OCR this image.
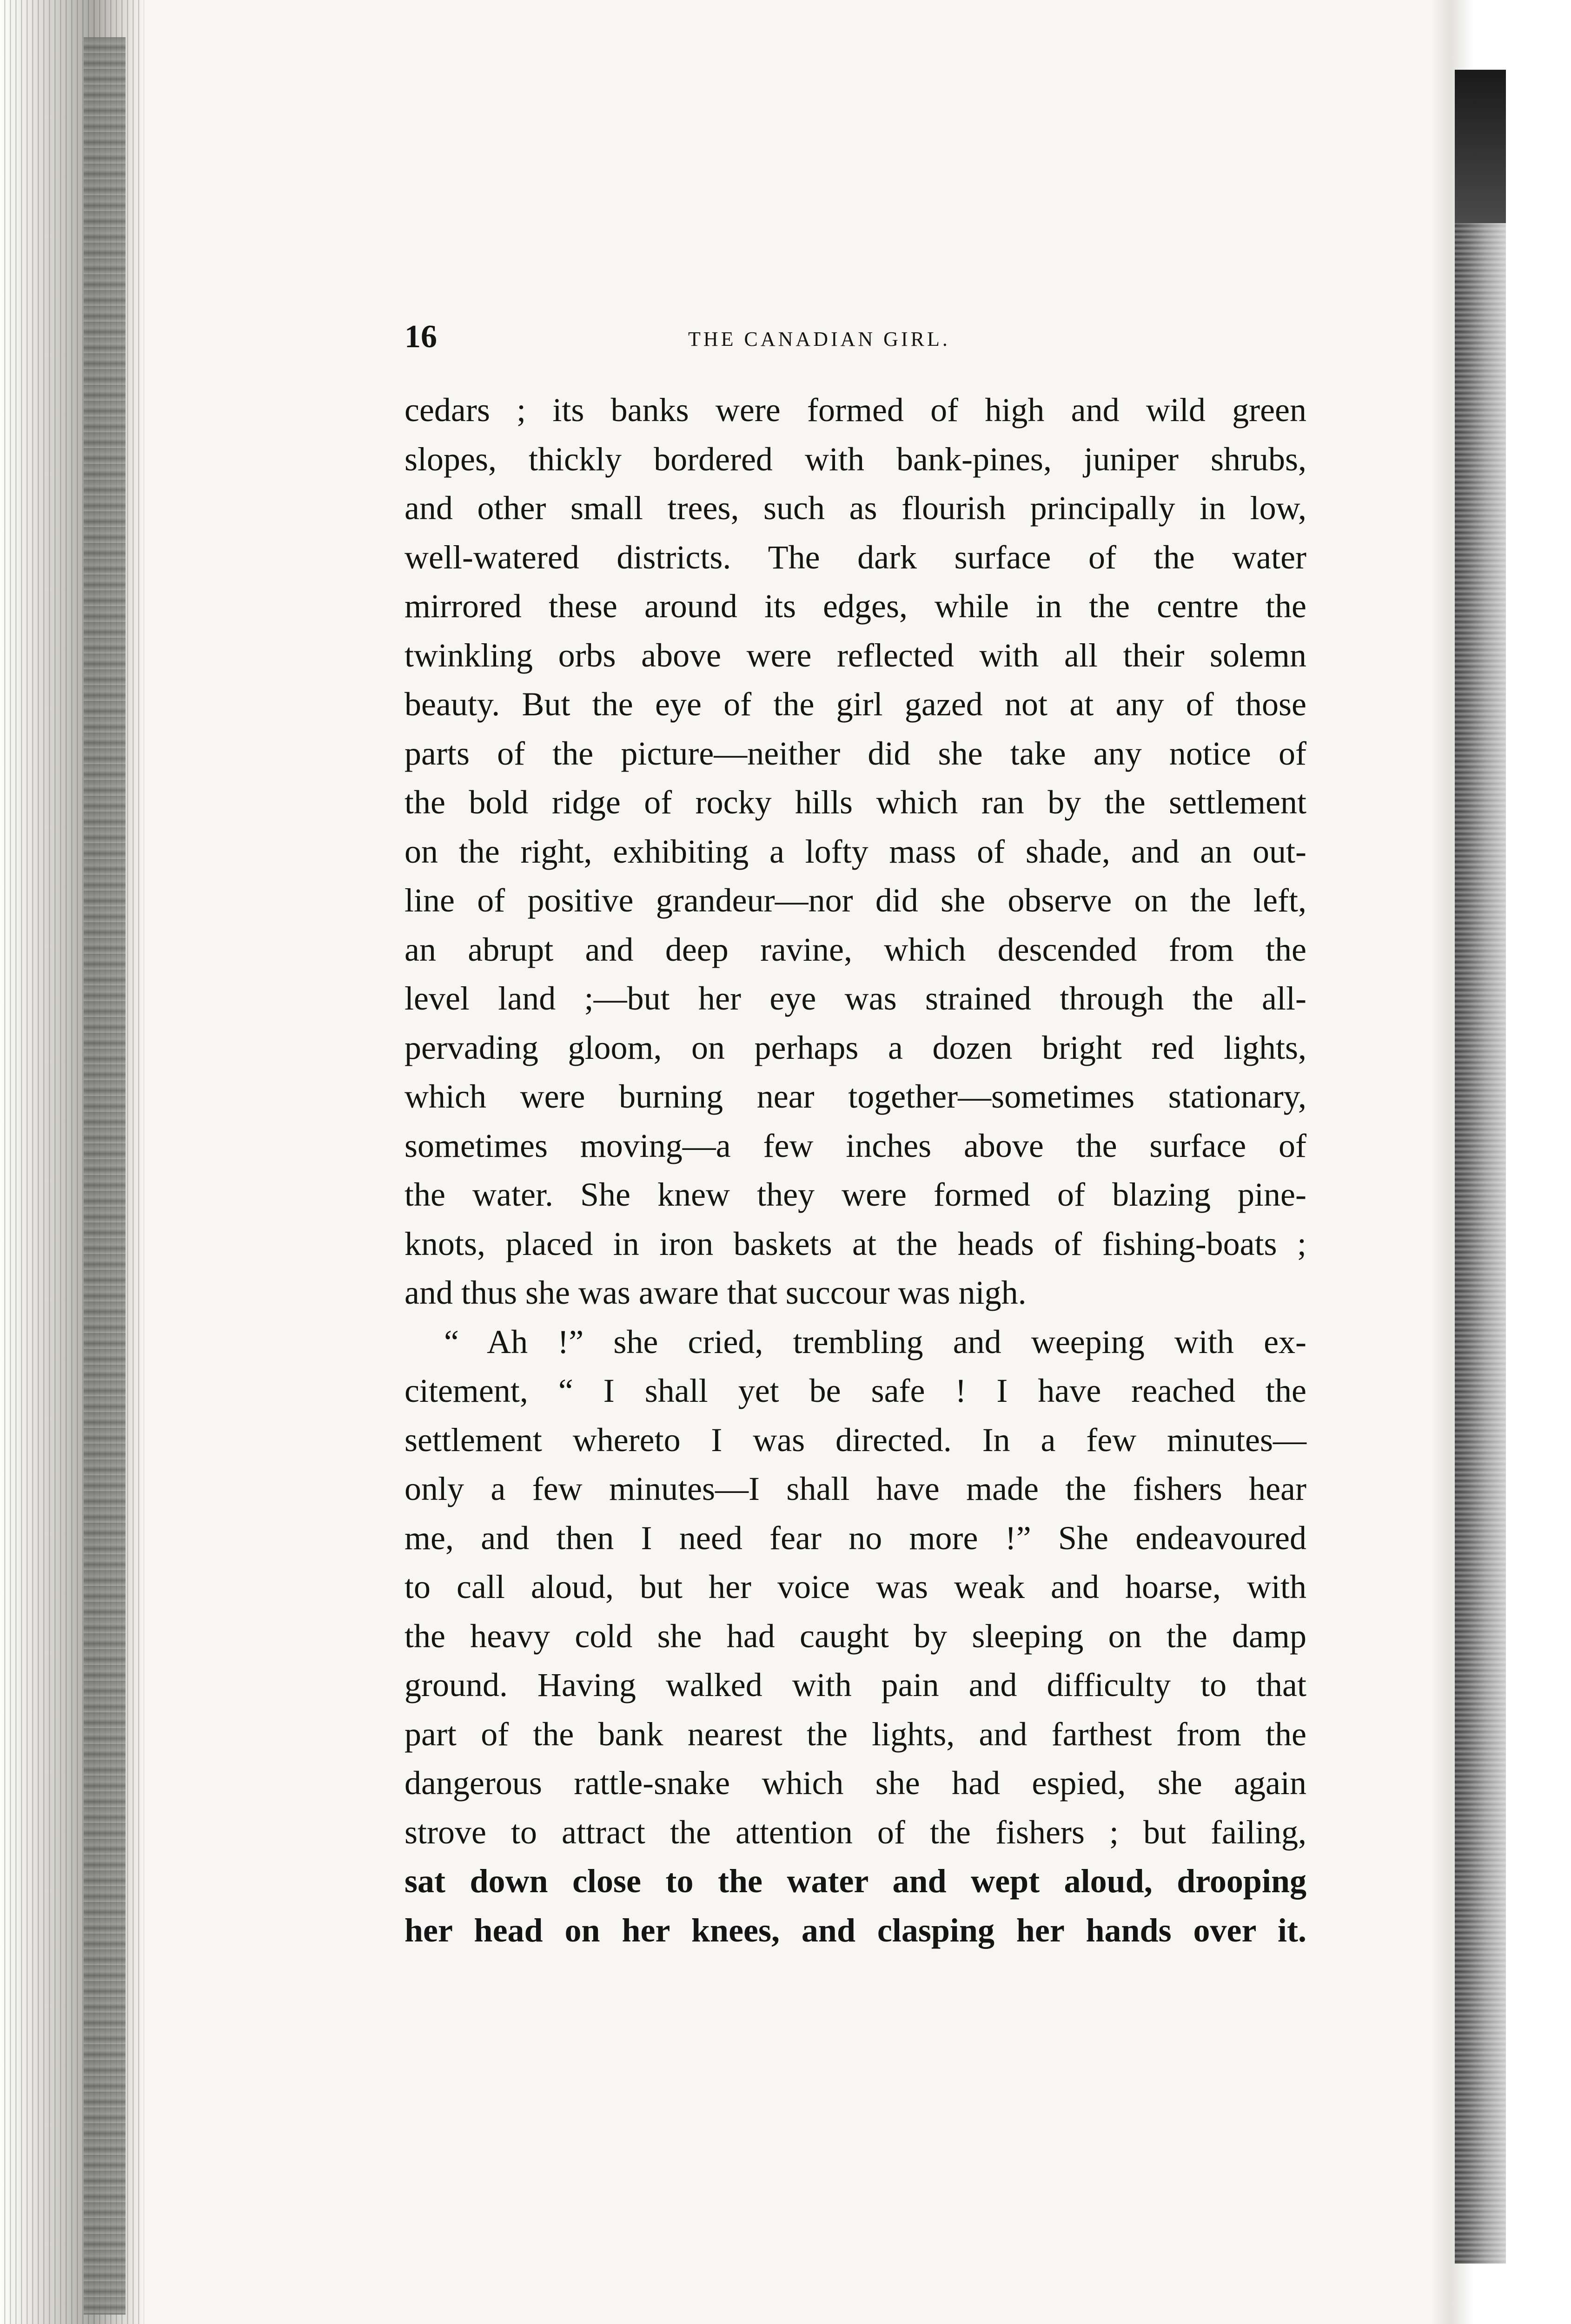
16	THE CANADIAN GIRL.
cedars ; its banks were formed of high and wild green
slopes, thickly bordered with bank-pines, juniper shrubs,
and other small trees, such as flourish principally in low,
well-watered districts. The dark surface of the water
mirrored these around its edges, while in the centre the
twinkling orbs above were reflected with all their solemn
beauty. But the eye of the girl gazed not at any of those
parts of the picture—neither did she take any notice of
the bold ridge of rocky hills which ran by the settlement
on the right, exhibiting a lofty mass of shade, and an out-
line of positive grandeur—nor did she observe on the left,
an abrupt and deep ravine, which descended from the
level land ;—but her eye was strained through the all-
pervading gloom, on perhaps a dozen bright red lights,
which were burning near together—sometimes stationary,
sometimes moving—a few inches above the surface of
the water. She knew they were formed of blazing pine-
knots, placed in iron baskets at the heads of fishing-boats ;
and thus she was aware that succour was nigh.
“ Ah !” she cried, trembling and weeping with ex-
citement, “ I shall yet be safe ! I have reached the
settlement whereto I was directed. In a few minutes—
only a few minutes—I shall have made the fishers hear
me, and then I need fear no more !” She endeavoured
to call aloud, but her voice was weak and hoarse, with
the heavy cold she had caught by sleeping on the damp
ground. Having walked with pain and difficulty to that
part of the bank nearest the lights, and farthest from the
dangerous rattle-snake which she had espied, she again
strove to attract the attention of the fishers ; but failing,
sat down close to the water and wept aloud, drooping
her head on her knees, and clasping her hands over it.
